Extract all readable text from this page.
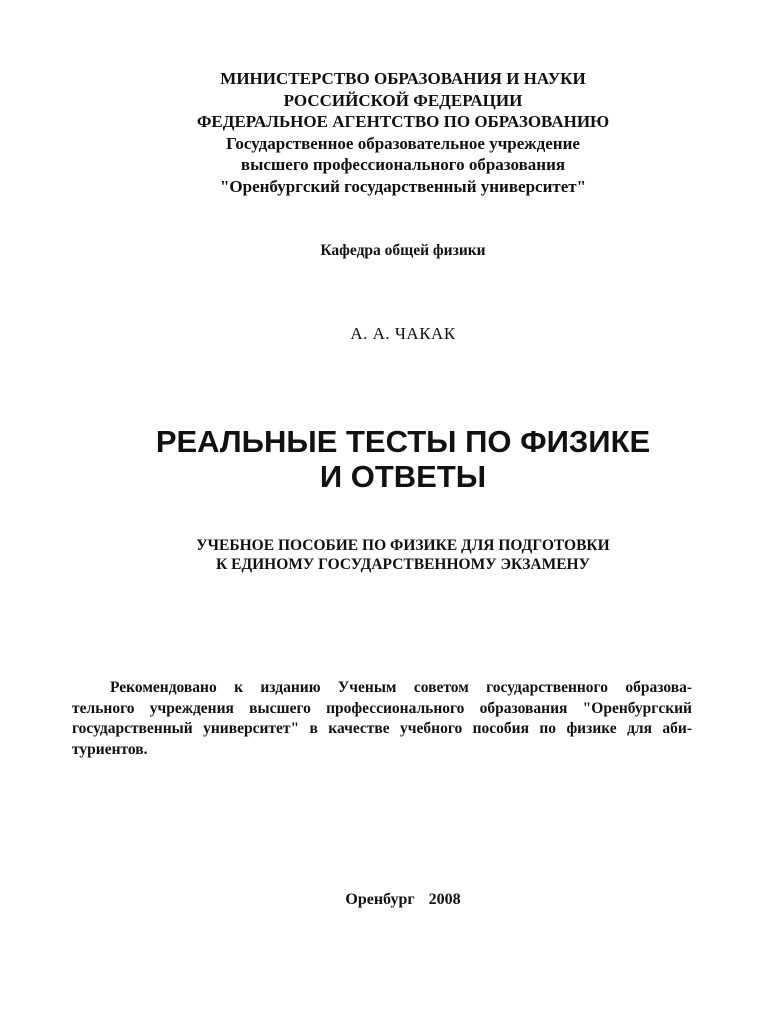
МИНИСТЕРСТВО ОБРАЗОВАНИЯ И НАУКИ
РОССИЙСКОЙ ФЕДЕРАЦИИ
ФЕДЕРАЛЬНОЕ АГЕНТСТВО ПО ОБРАЗОВАНИЮ
Государственное образовательное учреждение
высшего профессионального образования
"Оренбургский государственный университет"
Кафедра общей физики
А. А. ЧАКАК
РЕАЛЬНЫЕ ТЕСТЫ ПО ФИЗИКЕ
И ОТВЕТЫ
УЧЕБНОЕ ПОСОБИЕ ПО ФИЗИКЕ ДЛЯ ПОДГОТОВКИ
К ЕДИНОМУ ГОСУДАРСТВЕННОМУ ЭКЗАМЕНУ
Рекомендовано к изданию Ученым советом государственного образова-
тельного учреждения высшего профессионального образования "Оренбургский
государственный университет" в качестве учебного пособия по физике для аби-
туриентов.
Оренбург 2008
